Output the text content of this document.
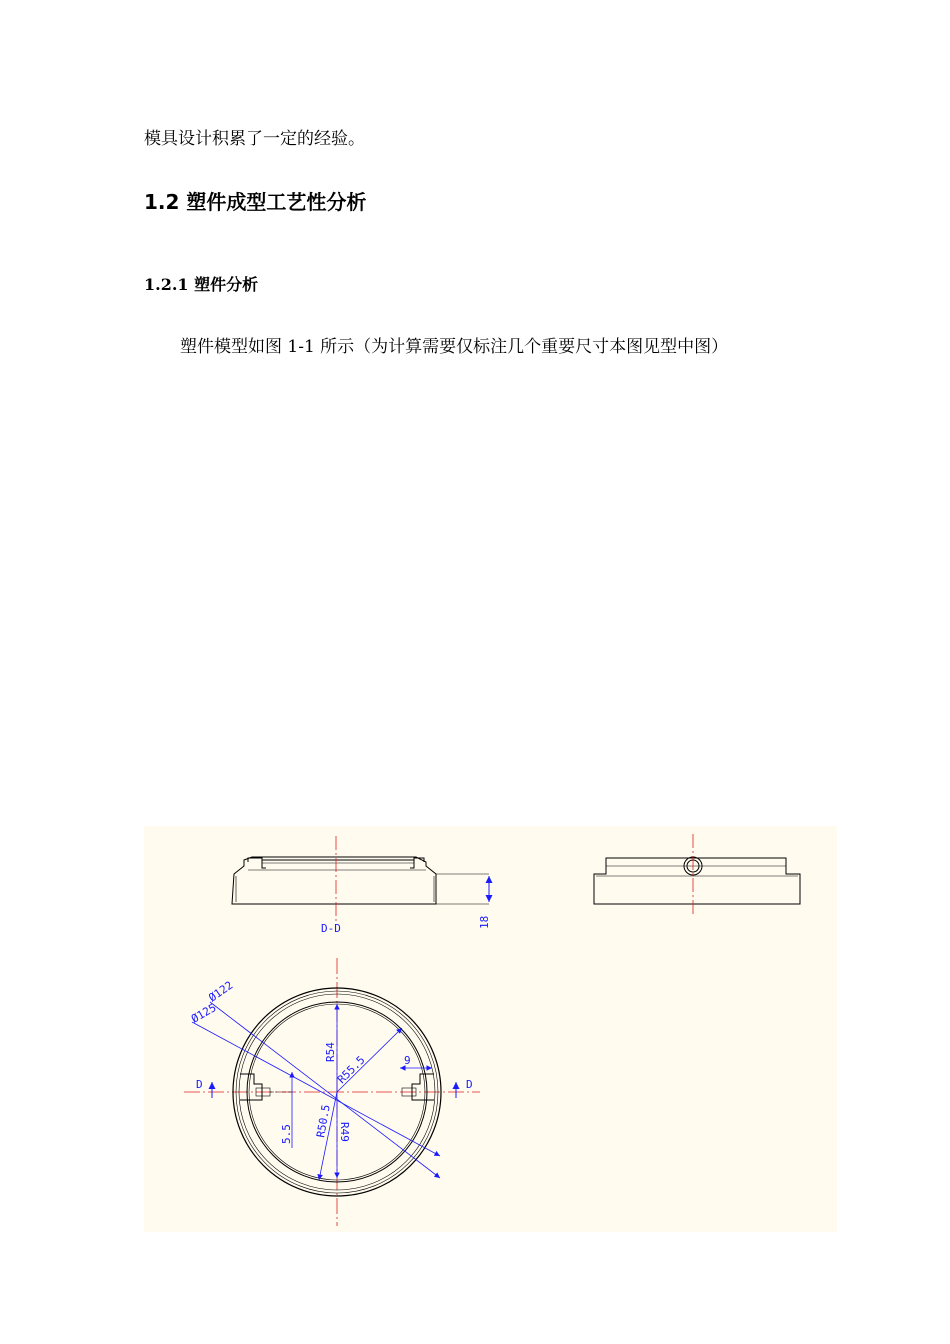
模具设计积累了一定的经验。

1.2 塑件成型工艺性分析
1.2.1 塑件分析

塑件模型如图 1-1 所示（为计算需要仅标注几个重要尺寸本图见型中图）

18
D-D
D	D
Ø122
Ø125
R54
R55.5	9
5.5 R50.5 R49
